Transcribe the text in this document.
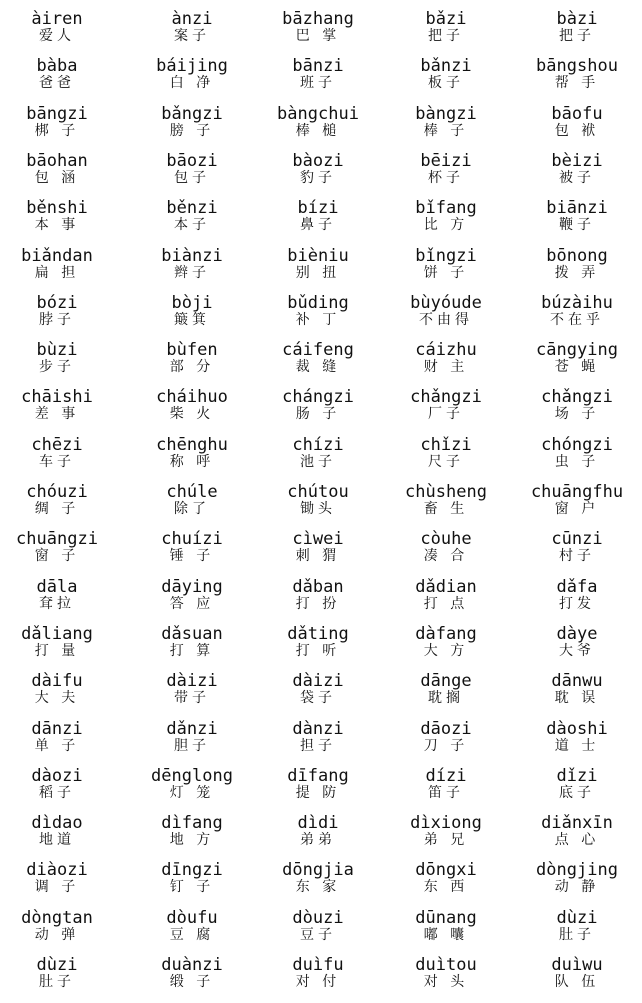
àiren
爱人
ànzi
案子
bāzhang
巴 掌
bǎzi
把子
bàzi
把子
bàba
爸爸
báijing
白 净
bānzi
班子
bǎnzi
板子
bāngshou
帮 手
bāngzi
梆 子
bǎngzi
膀 子
bàngchui
棒 槌
bàngzi
棒 子
bāofu
包 袱
bāohan
包 涵
bāozi
包子
bàozi
豹子
bēizi
杯子
bèizi
被子
běnshi
本 事
běnzi
本子
bízi
鼻子
bǐfang
比 方
biānzi
鞭子
biǎndan
扁 担
biànzi
辫子
bièniu
别 扭
bǐngzi
饼 子
bōnong
拨 弄
bózi
脖子
bòji
簸箕
bǔding
补 丁
bùyóude
不由得
búzàihu
不在乎
bùzi
步子
bùfen
部 分
cáifeng
裁 缝
cáizhu
财 主
cāngying
苍 蝇
chāishi
差 事
cháihuo
柴 火
chángzi
肠 子
chǎngzi
厂子
chǎngzi
场 子
chēzi
车子
chēnghu
称 呼
chízi
池子
chǐzi
尺子
chóngzi
虫 子
chóuzi
绸 子
chúle
除了
chútou
锄头
chùsheng
畜 生
chuāngfhu
窗 户
chuāngzi
窗 子
chuízi
锤 子
cìwei
刺 猬
còuhe
凑 合
cūnzi
村子
dāla
耷拉
dāying
答 应
dǎban
打 扮
dǎdian
打 点
dǎfa
打发
dǎliang
打 量
dǎsuan
打 算
dǎting
打 听
dàfang
大 方
dàye
大爷
dàifu
大 夫
dàizi
带子
dàizi
袋子
dānge
耽搁
dānwu
耽 误
dānzi
单 子
dǎnzi
胆子
dànzi
担子
dāozi
刀 子
dàoshi
道 士
dàozi
稻子
dēnglong
灯 笼
dīfang
提 防
dízi
笛子
dǐzi
底子
dìdao
地道
dìfang
地 方
dìdi
弟弟
dìxiong
弟 兄
diǎnxīn
点 心
diàozi
调 子
dīngzi
钉 子
dōngjia
东 家
dōngxi
东 西
dòngjing
动 静
dòngtan
动 弹
dòufu
豆 腐
dòuzi
豆子
dūnang
嘟 囔
dùzi
肚子
dùzi
肚子
duànzi
缎 子
duìfu
对 付
duìtou
对 头
duìwu
队 伍
